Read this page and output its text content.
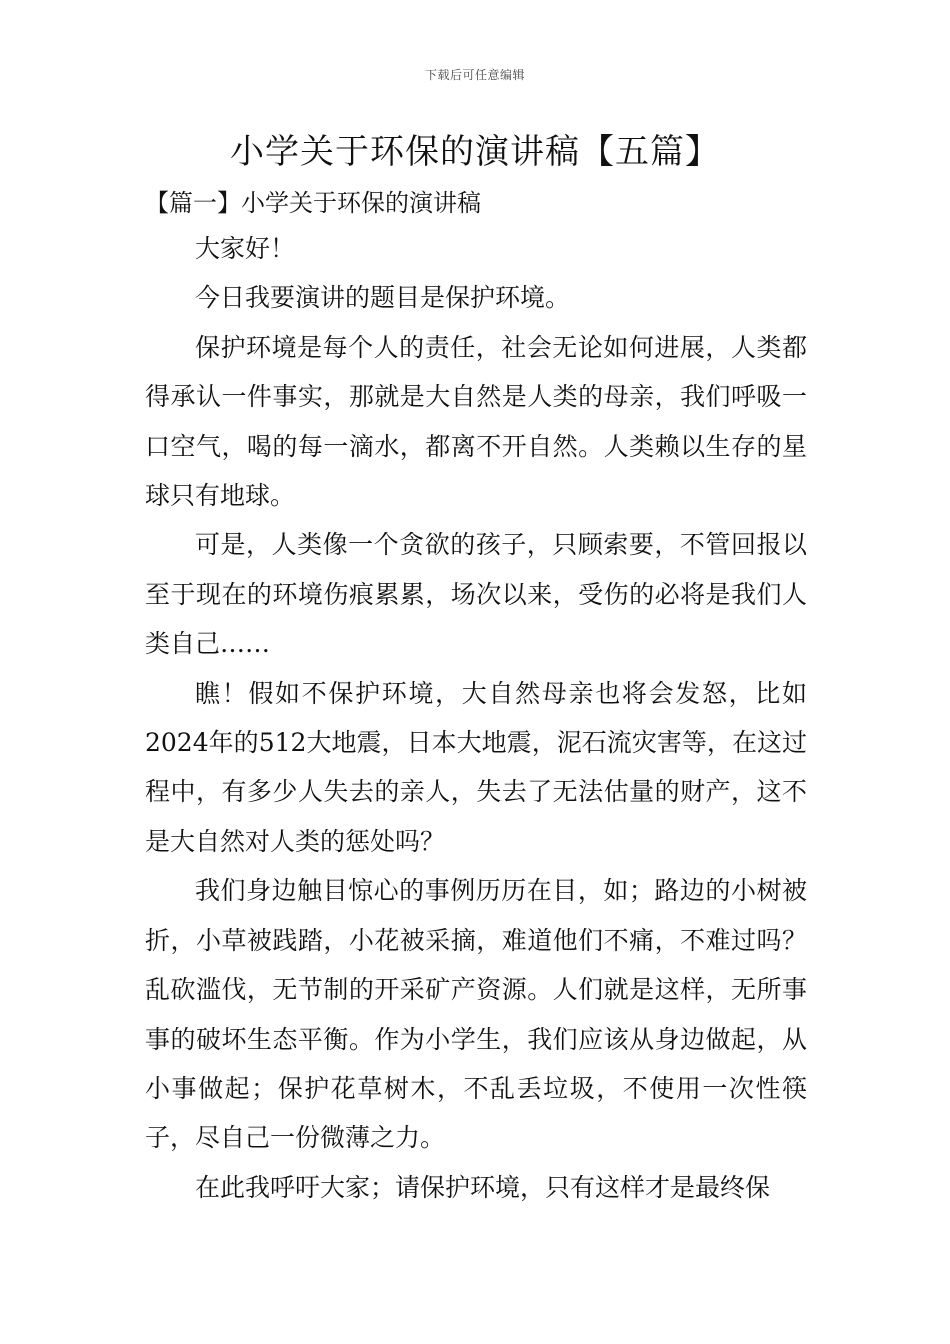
下载后可任意编辑
小学关于环保的演讲稿【五篇】
【篇一】小学关于环保的演讲稿

大家好！

今日我要演讲的题目是保护环境。

保护环境是每个人的责任，社会无论如何进展，人类都得承认一件事实，那就是大自然是人类的母亲，我们呼吸一口空气，喝的每一滴水，都离不开自然。人类赖以生存的星球只有地球。

可是，人类像一个贪欲的孩子，只顾索要，不管回报以至于现在的环境伤痕累累，场次以来，受伤的必将是我们人类自己……

瞧！假如不保护环境，大自然母亲也将会发怒，比如2024年的512大地震，日本大地震，泥石流灾害等，在这过程中，有多少人失去的亲人，失去了无法估量的财产，这不是大自然对人类的惩处吗？

我们身边触目惊心的事例历历在目，如；路边的小树被折，小草被践踏，小花被采摘，难道他们不痛，不难过吗？乱砍滥伐，无节制的开采矿产资源。人们就是这样，无所事事的破坏生态平衡。作为小学生，我们应该从身边做起，从小事做起；保护花草树木，不乱丢垃圾，不使用一次性筷子，尽自己一份微薄之力。

在此我呼吁大家；请保护环境，只有这样才是最终保
